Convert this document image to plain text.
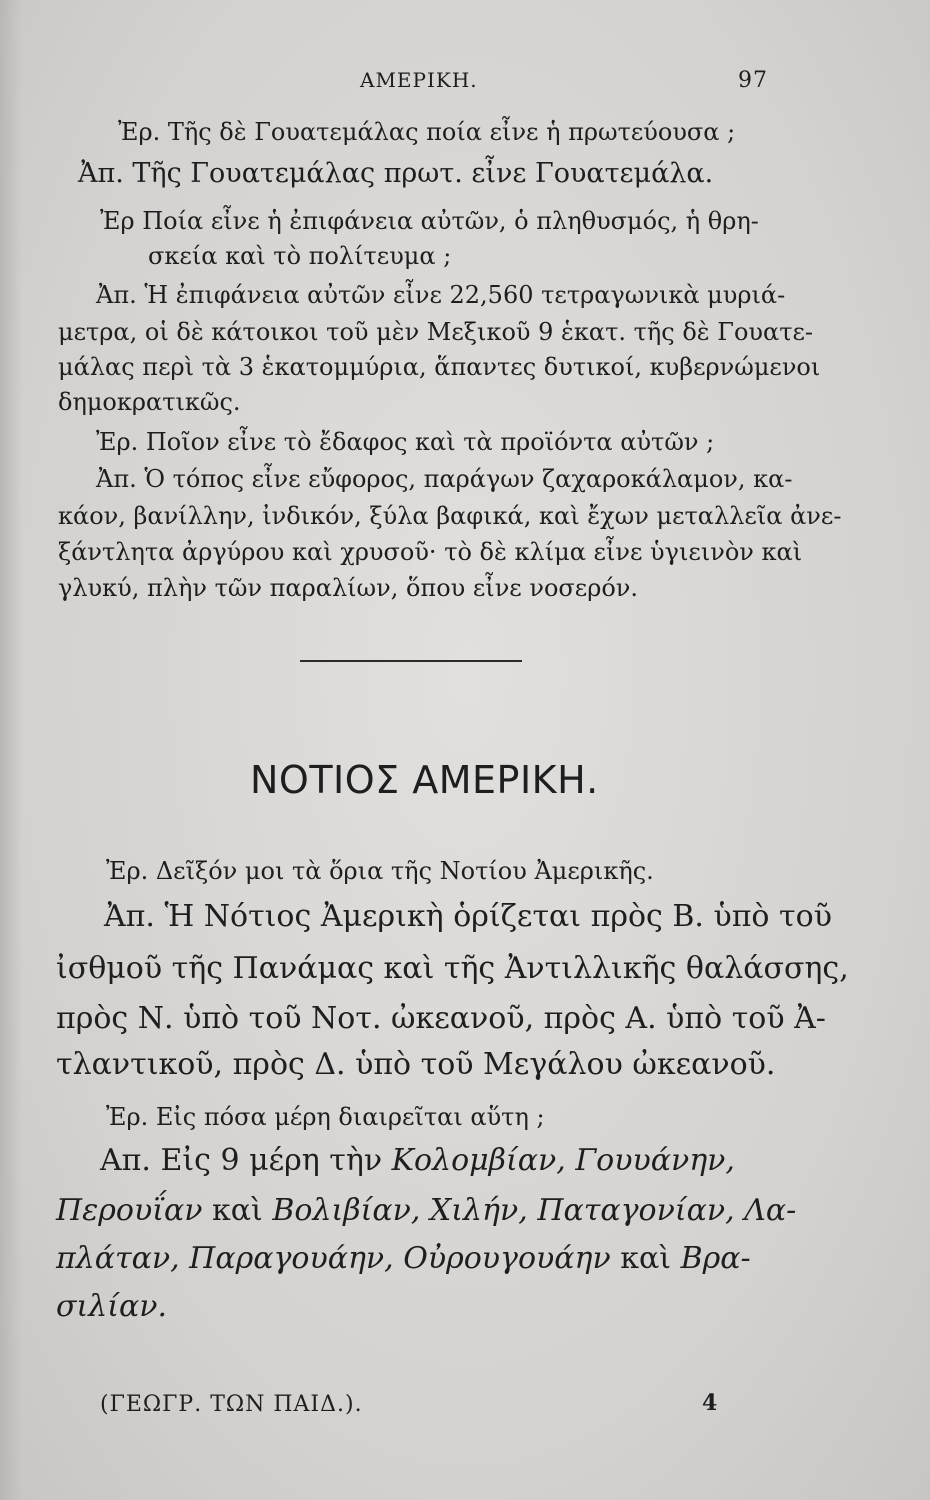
ΑΜΕΡΙΚΗ.	97
Ἐρ. Τῆς δὲ Γουατεμάλας ποία εἶνε ἡ πρωτεύουσα ;
Ἀπ. Τῆς Γουατεμάλας πρωτ. εἶνε Γουατεμάλα.
Ἐρ Ποία εἶνε ἡ ἐπιφάνεια αὐτῶν, ὁ πληθυσμός, ἡ θρη-
σκεία καὶ τὸ πολίτευμα ;
Ἀπ. Ἡ ἐπιφάνεια αὐτῶν εἶνε 22,560 τετραγωνικὰ μυριά-
μετρα, οἱ δὲ κάτοικοι τοῦ μὲν Μεξικοῦ 9 ἑκατ. τῆς δὲ Γουατε-
μάλας περὶ τὰ 3 ἑκατομμύρια, ἅπαντες δυτικοί, κυβερνώμενοι
δημοκρατικῶς.
Ἐρ. Ποῖον εἶνε τὸ ἔδαφος καὶ τὰ προϊόντα αὐτῶν ;
Ἀπ. Ὁ τόπος εἶνε εὔφορος, παράγων ζαχαροκάλαμον, κα-
κάον, βανίλλην, ἰνδικόν, ξύλα βαφικά, καὶ ἔχων μεταλλεῖα ἀνε-
ξάντλητα ἀργύρου καὶ χρυσοῦ· τὸ δὲ κλίμα εἶνε ὑγιεινὸν καὶ
γλυκύ, πλὴν τῶν παραλίων, ὅπου εἶνε νοσερόν.
ΝΟΤΙΟΣ ΑΜΕΡΙΚΗ.
Ἐρ. Δεῖξόν μοι τὰ ὅρια τῆς Νοτίου Ἀμερικῆς.
Ἀπ. Ἡ Νότιος Ἀμερικὴ ὁρίζεται πρὸς Β. ὑπὸ τοῦ
ἰσθμοῦ τῆς Πανάμας καὶ τῆς Ἀντιλλικῆς θαλάσσης,
πρὸς Ν. ὑπὸ τοῦ Νοτ. ὠκεανοῦ, πρὸς Α. ὑπὸ τοῦ Ἀ-
τλαντικοῦ, πρὸς Δ. ὑπὸ τοῦ Μεγάλου ὠκεανοῦ.
Ἐρ. Εἰς πόσα μέρη διαιρεῖται αὕτη ;
Απ. Εἰς 9 μέρη τὴν Κολομβίαν, Γουυάνην,
Περουΐαν καὶ Βολιβίαν, Χιλήν, Παταγονίαν, Λα-
πλάταν, Παραγουάην, Οὐρουγουάην καὶ Βρα-
σιλίαν.
(ΓΕΩΓΡ. ΤΩΝ ΠΑΙΔ.).	4
